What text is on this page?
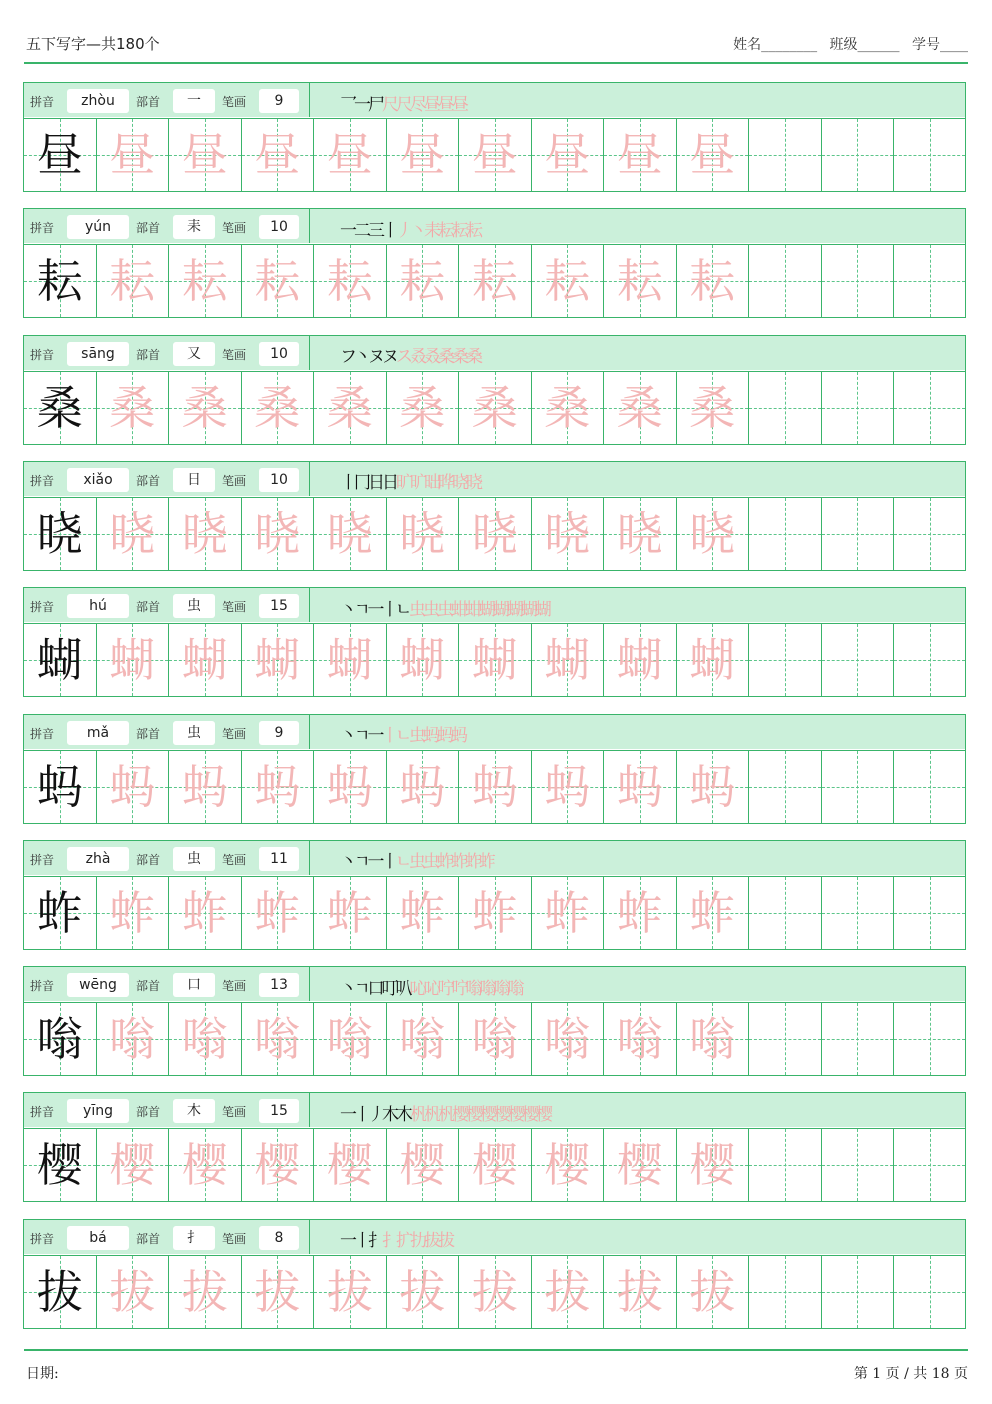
五下写字—共180个	姓名________ 班级______ 学号____
拼音	zhòu	部首	一	笔画	9	乛
一
尸
尺
尺
尽
昼
昼
昼
昼 昼 昼 昼 昼 昼 昼 昼 昼 昼
拼音	yún	部首	耒	笔画	10	一
二
三
丨
丿
丶
耒
耘
耘
耘
耘 耘 耘 耘 耘 耘 耘 耘 耘 耘
拼音	sāng	部首	又	笔画	10	フ
丶
ヌ
ヌ
ス
叒
叒
桑
桑
桑
桑 桑 桑 桑 桑 桑 桑 桑 桑 桑
拼音	xiǎo	部首	日	笔画	10	丨
冂
日
日
旷
旷
昢
晔
晓
晓
晓 晓 晓 晓 晓 晓 晓 晓 晓 晓
拼音	hú	部首	虫	笔画	15	丶
ㄱ
一
丨
ㄴ
虫
虫
虫
蚶
蚶
蝴
蝴
蝴
蝴
蝴
蝴 蝴 蝴 蝴 蝴 蝴 蝴 蝴 蝴 蝴
拼音	mǎ	部首	虫	笔画	9	丶
ㄱ
一
丨
ㄴ
虫
蚂
蚂
蚂
蚂 蚂 蚂 蚂 蚂 蚂 蚂 蚂 蚂 蚂
拼音	zhà	部首	虫	笔画	11	丶
ㄱ
一
丨
ㄴ
虫
虫
蚱
蚱
蚱
蚱
蚱 蚱 蚱 蚱 蚱 蚱 蚱 蚱 蚱 蚱
拼音	wēng	部首	口	笔画	13	丶
ㄱ
口
叮
叭
吣
吣
咛
咛
嗡
嗡
嗡
嗡
嗡 嗡 嗡 嗡 嗡 嗡 嗡 嗡 嗡 嗡
拼音	yīng	部首	木	笔画	15	一
丨
丿
木
木
杋
杋
杋
樱
樱
樱
樱
樱
樱
樱
樱 樱 樱 樱 樱 樱 樱 樱 樱 樱
拼音	bá	部首	扌	笔画	8	一
丨
扌
扌
扩
扐
拔
拔
拔 拔 拔 拔 拔 拔 拔 拔 拔 拔
日期:	第 1 页 / 共 18 页
